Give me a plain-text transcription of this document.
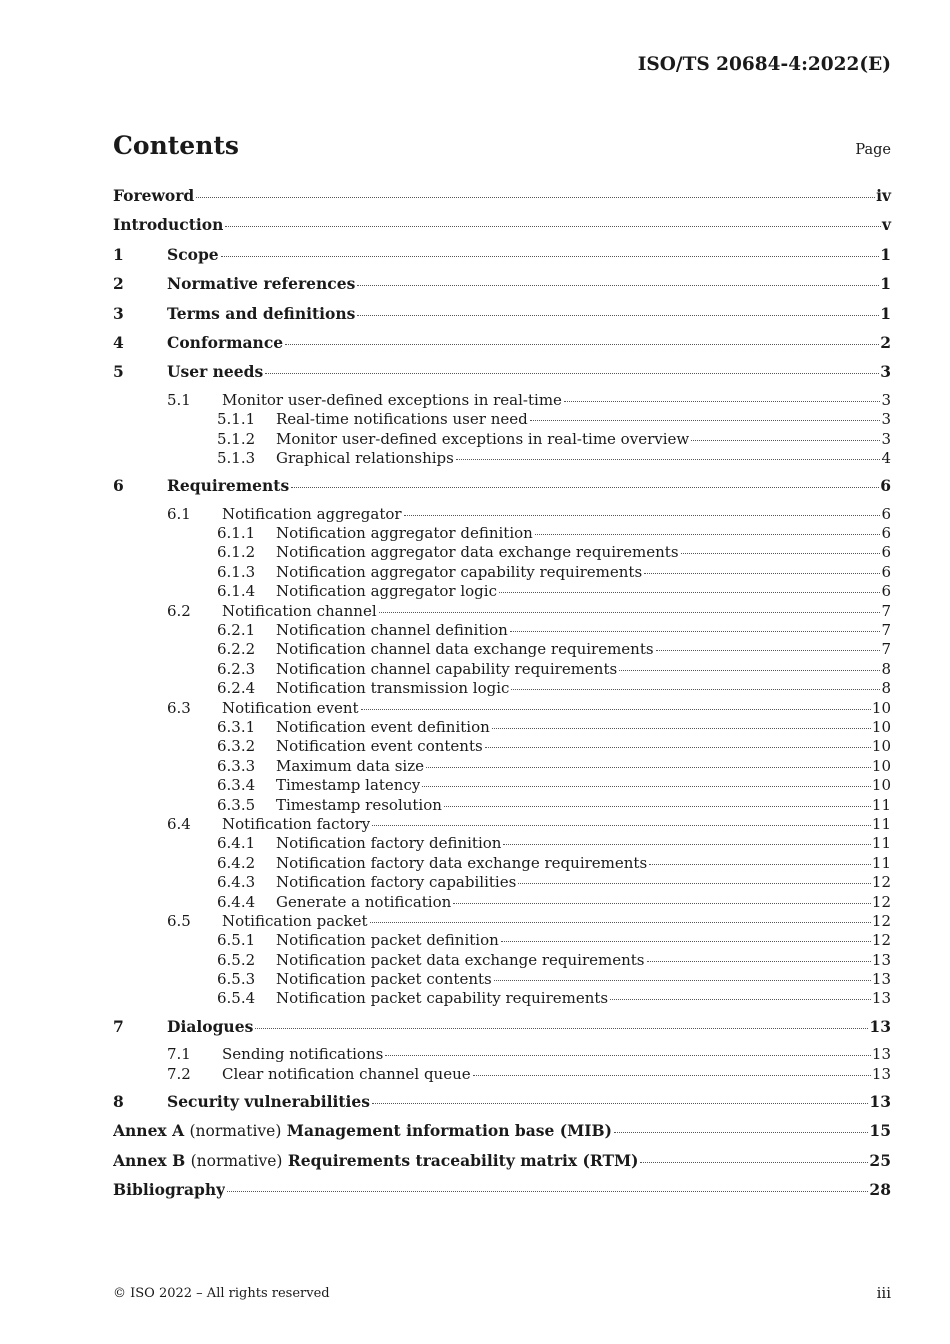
ISO/TS 20684-4:2022(E)
Contents	Page
Foreword	iv
Introduction	v
1	Scope	1
2	Normative references	1
3	Terms and definitions	1
4	Conformance	2
5	User needs	3
5.1	Monitor user-defined exceptions in real-time	3
5.1.1	Real-time notifications user need	3
5.1.2	Monitor user-defined exceptions in real-time overview	3
5.1.3	Graphical relationships	4
6	Requirements	6
6.1	Notification aggregator	6
6.1.1	Notification aggregator definition	6
6.1.2	Notification aggregator data exchange requirements	6
6.1.3	Notification aggregator capability requirements	6
6.1.4	Notification aggregator logic	6
6.2	Notification channel	7
6.2.1	Notification channel definition	7
6.2.2	Notification channel data exchange requirements	7
6.2.3	Notification channel capability requirements	8
6.2.4	Notification transmission logic	8
6.3	Notification event	10
6.3.1	Notification event definition	10
6.3.2	Notification event contents	10
6.3.3	Maximum data size	10
6.3.4	Timestamp latency	10
6.3.5	Timestamp resolution	11
6.4	Notification factory	11
6.4.1	Notification factory definition	11
6.4.2	Notification factory data exchange requirements	11
6.4.3	Notification factory capabilities	12
6.4.4	Generate a notification	12
6.5	Notification packet	12
6.5.1	Notification packet definition	12
6.5.2	Notification packet data exchange requirements	13
6.5.3	Notification packet contents	13
6.5.4	Notification packet capability requirements	13
7	Dialogues	13
7.1	Sending notifications	13
7.2	Clear notification channel queue	13
8	Security vulnerabilities	13
Annex A (normative) Management information base (MIB)	15
Annex B (normative) Requirements traceability matrix (RTM)	25
Bibliography	28
© ISO 2022 – All rights reserved	iii
